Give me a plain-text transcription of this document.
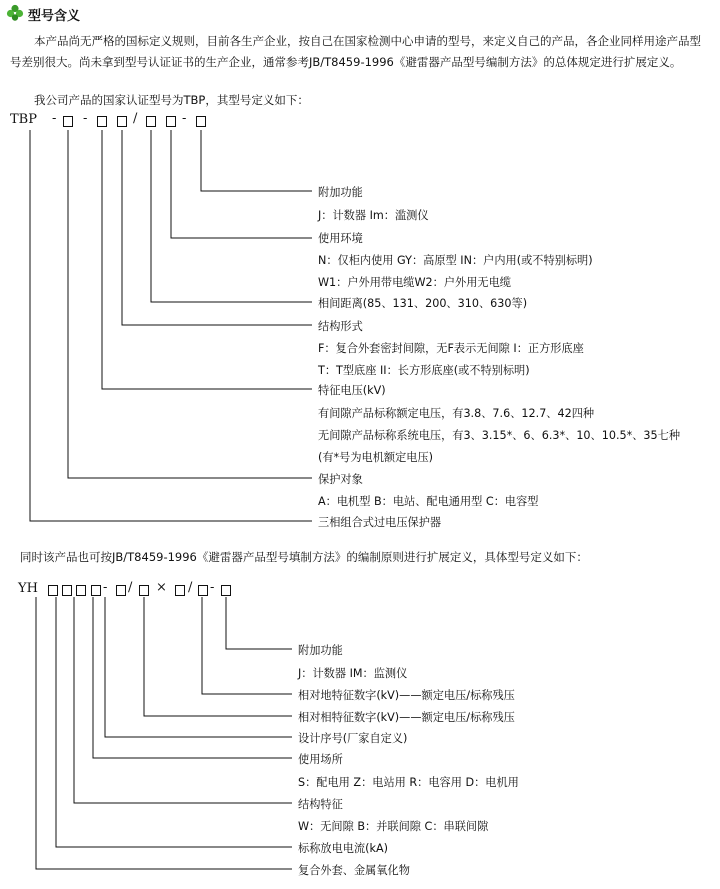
型号含义
本产品尚无严格的国标定义规则，目前各生产企业，按自己在国家检测中心申请的型号，来定义自己的产品，各企业同样用途产品型号差别很大。尚未拿到型号认证证书的生产企业，通常参考JB/T8459-1996《避雷器产品型号编制方法》的总体规定进行扩展定义。
我公司产品的国家认证型号为TBP，其型号定义如下：
TBP - -	/	-
附加功能
J：计数器 Im：滥测仪
使用环境
N：仅柜内使用 GY：高原型 IN：户内用(或不特别标明)
W1：户外用带电缆W2：户外用无电缆
相间距离(85、131、200、310、630等)
结构形式
F：复合外套密封间隙，无F表示无间隙 I：正方形底座
T：T型底座 II：长方形底座(或不特别标明)
特征电压(kV)
有间隙产品标称额定电压，有3.8、7.6、12.7、42四种
无间隙产品标称系统电压，有3、3.15*、6、6.3*、10、10.5*、35七种
(有*号为电机额定电压)
保护对象
A：电机型 B：电站、配电通用型 C：电容型
三相组合式过电压保护器
同时该产品也可按JB/T8459-1996《避雷器产品型号填制方法》的编制原则进行扩展定义，具体型号定义如下：
YH	- / × / -
附加功能
J：计数器 IM：监测仪
相对地特征数字(kV)——额定电压/标称残压
相对相特征数字(kV)——额定电压/标称残压
设计序号(厂家自定义)
使用场所
S：配电用 Z：电站用 R：电容用 D：电机用
结构特征
W：无间隙 B：并联间隙 C：串联间隙
标称放电电流(kA)
复合外套、金属氧化物
